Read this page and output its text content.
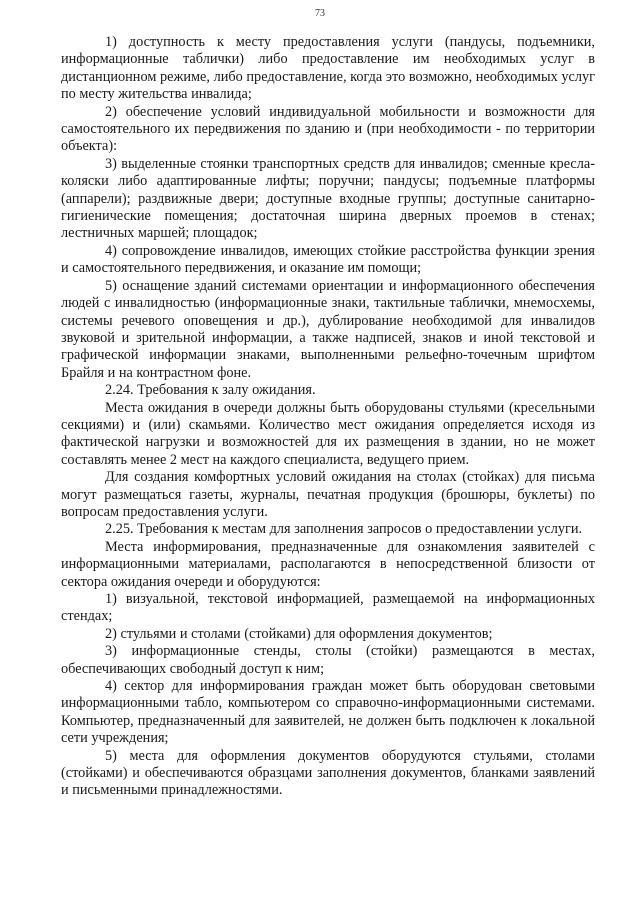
73

1) доступность к месту предоставления услуги (пандусы, подъемники, информационные таблички) либо предоставление им необходимых услуг в дистанционном режиме, либо предоставление, когда это возможно, необходимых услуг по месту жительства инвалида;

2) обеспечение условий индивидуальной мобильности и возможности для самостоятельного их передвижения по зданию и (при необходимости - по территории объекта):

3) выделенные стоянки транспортных средств для инвалидов; сменные кресла-коляски либо адаптированные лифты; поручни; пандусы; подъемные платформы (аппарели); раздвижные двери; доступные входные группы; доступные санитарно-гигиенические помещения; достаточная ширина дверных проемов в стенах; лестничных маршей; площадок;

4) сопровождение инвалидов, имеющих стойкие расстройства функции зрения и самостоятельного передвижения, и оказание им помощи;

5) оснащение зданий системами ориентации и информационного обеспечения людей с инвалидностью (информационные знаки, тактильные таблички, мнемосхемы, системы речевого оповещения и др.), дублирование необходимой для инвалидов звуковой и зрительной информации, а также надписей, знаков и иной текстовой и графической информации знаками, выполненными рельефно-точечным шрифтом Брайля и на контрастном фоне.

2.24. Требования к залу ожидания.

Места ожидания в очереди должны быть оборудованы стульями (кресельными секциями) и (или) скамьями. Количество мест ожидания определяется исходя из фактической нагрузки и возможностей для их размещения в здании, но не может составлять менее 2 мест на каждого специалиста, ведущего прием.

Для создания комфортных условий ожидания на столах (стойках) для письма могут размещаться газеты, журналы, печатная продукция (брошюры, буклеты) по вопросам предоставления услуги.

2.25. Требования к местам для заполнения запросов о предоставлении услуги.

Места информирования, предназначенные для ознакомления заявителей с информационными материалами, располагаются в непосредственной близости от сектора ожидания очереди и оборудуются:

1) визуальной, текстовой информацией, размещаемой на информационных стендах;

2) стульями и столами (стойками) для оформления документов;

3) информационные стенды, столы (стойки) размещаются в местах, обеспечивающих свободный доступ к ним;

4) сектор для информирования граждан может быть оборудован световыми информационными табло, компьютером со справочно-информационными системами. Компьютер, предназначенный для заявителей, не должен быть подключен к локальной сети учреждения;

5) места для оформления документов оборудуются стульями, столами (стойками) и обеспечиваются образцами заполнения документов, бланками заявлений и письменными принадлежностями.
